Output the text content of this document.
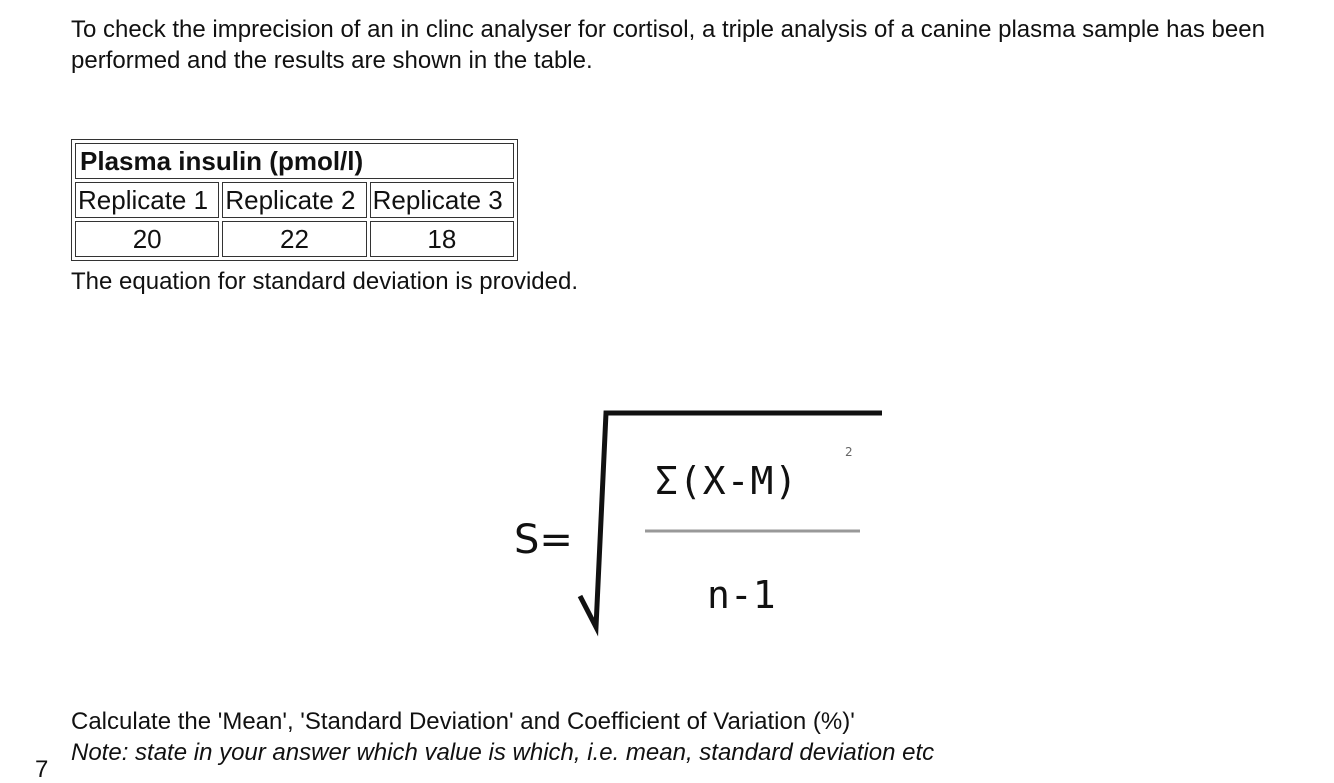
To check the imprecision of an in clinc analyser for cortisol, a triple analysis of a canine plasma sample has been performed and the results are shown in the table.

Plasma insulin (pmol/l)		
Replicate 1	Replicate 2	Replicate 3
20	22	18

The equation for standard deviation is provided.

S=
Σ(X-M)
2
n-1

Calculate the 'Mean', 'Standard Deviation' and Coefficient of Variation (%)'

Note: state in your answer which value is which, i.e. mean, standard deviation etc

7
